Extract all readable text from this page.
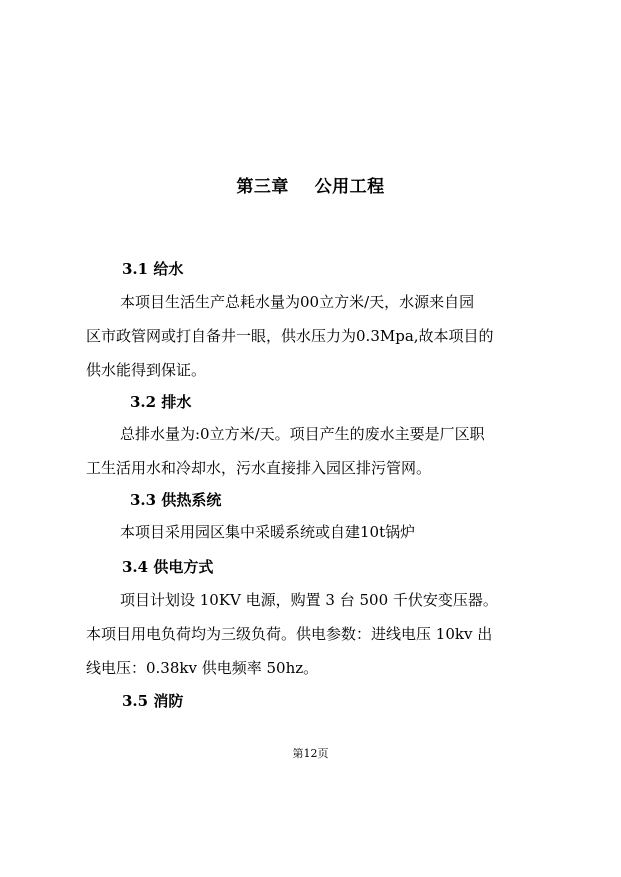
第三章    公用工程
3.1 给水
本项目生活生产总耗水量为00立方米/天，水源来自园
区市政管网或打自备井一眼，供水压力为0.3Mpa,故本项目的
供水能得到保证。
3.2 排水
总排水量为:0立方米/天。项目产生的废水主要是厂区职
工生活用水和冷却水，污水直接排入园区排污管网。
3.3 供热系统
本项目采用园区集中采暖系统或自建10t锅炉
3.4 供电方式
项目计划设 10KV 电源，购置 3 台 500 千伏安变压器。
本项目用电负荷均为三级负荷。供电参数：进线电压 10kv 出
线电压：0.38kv 供电频率 50hz。
3.5 消防
第12页
